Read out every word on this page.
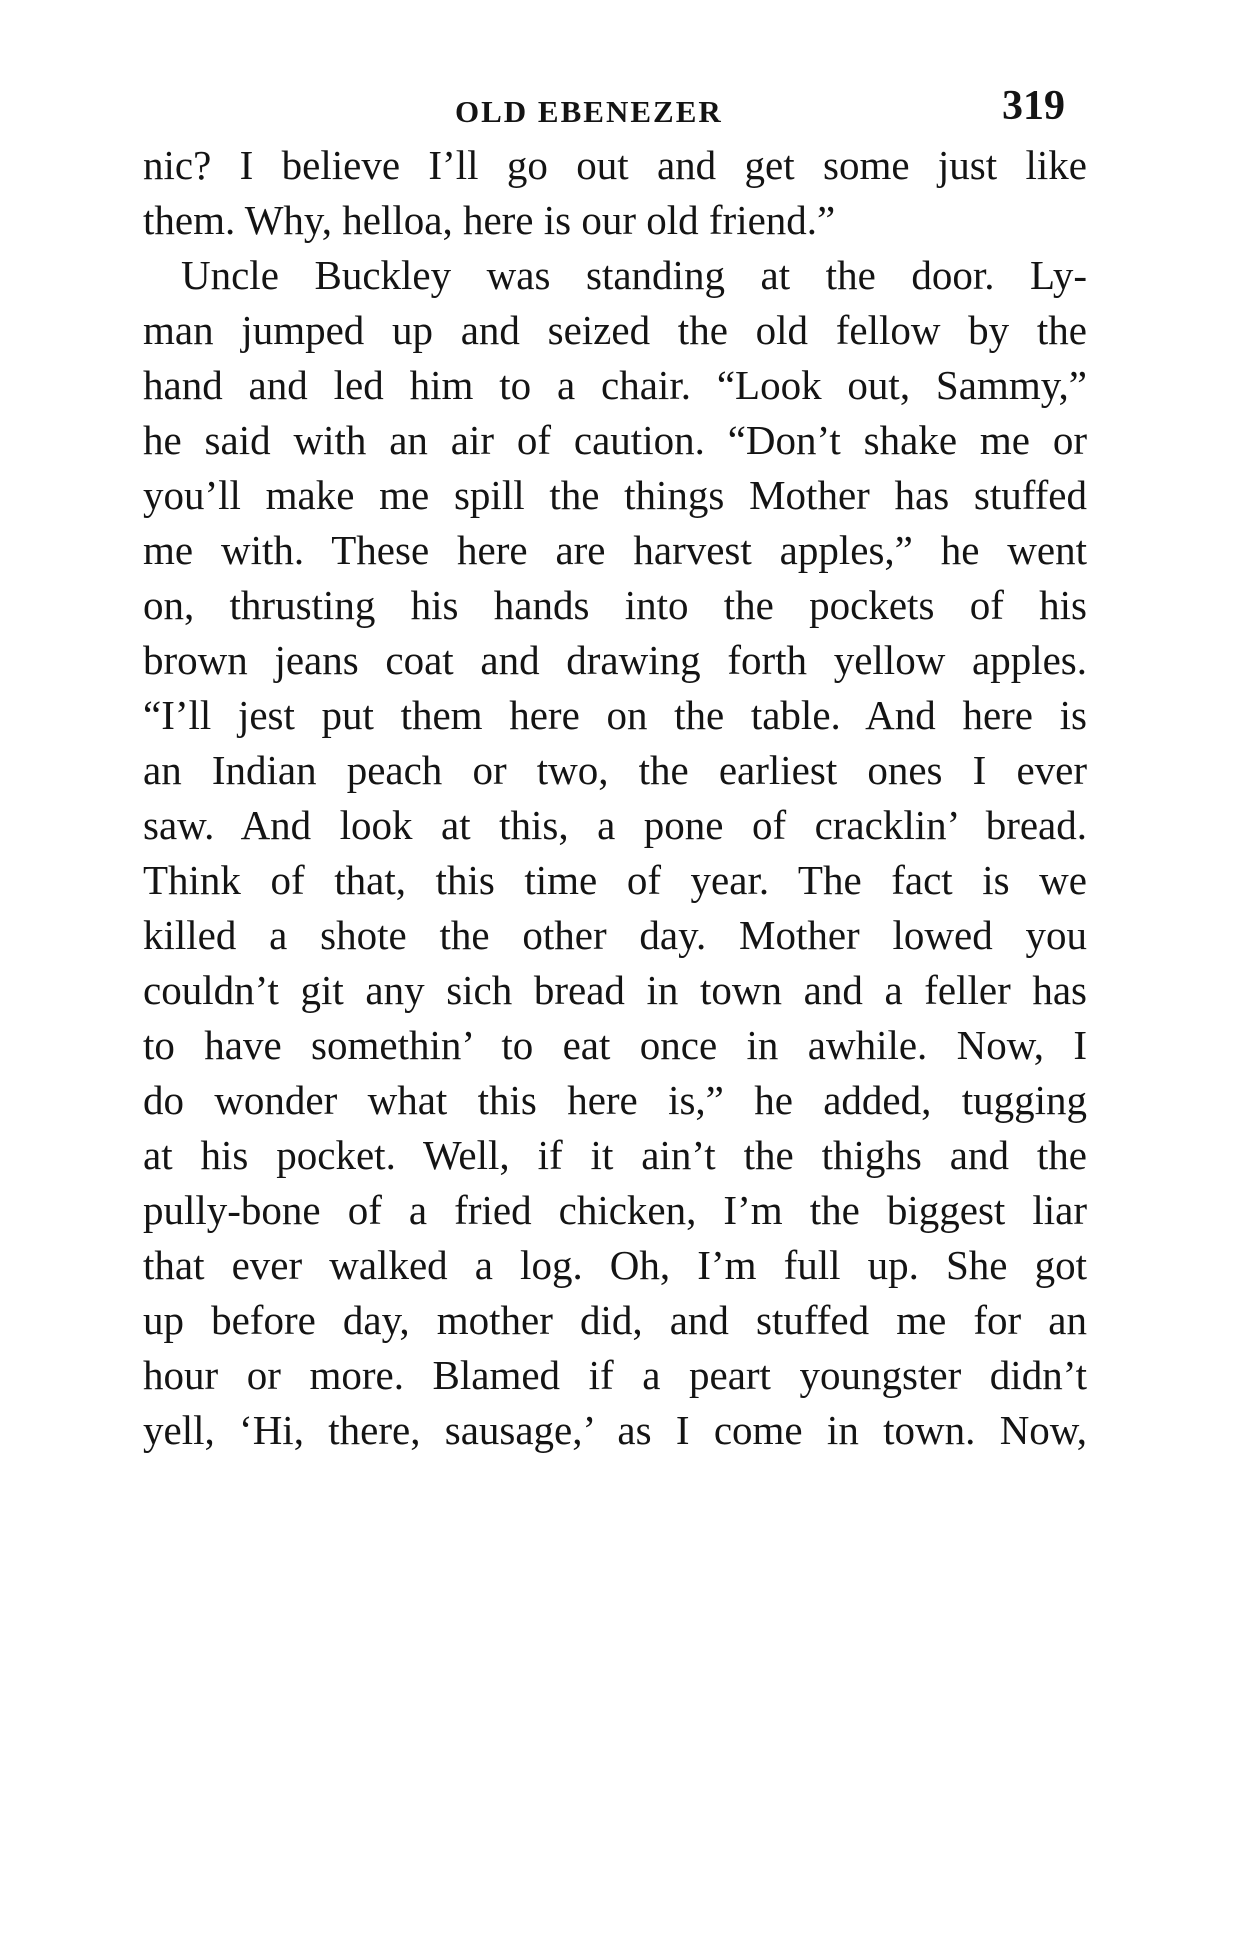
OLD EBENEZER	319
nic? I believe I’ll go out and get some just like
them. Why, helloa, here is our old friend.”
Uncle Buckley was standing at the door. Ly-
man jumped up and seized the old fellow by the
hand and led him to a chair. “Look out, Sammy,”
he said with an air of caution. “Don’t shake me or
you’ll make me spill the things Mother has stuffed
me with. These here are harvest apples,” he went
on, thrusting his hands into the pockets of his
brown jeans coat and drawing forth yellow apples.
“I’ll jest put them here on the table. And here is
an Indian peach or two, the earliest ones I ever
saw. And look at this, a pone of cracklin’ bread.
Think of that, this time of year. The fact is we
killed a shote the other day. Mother lowed you
couldn’t git any sich bread in town and a feller has
to have somethin’ to eat once in awhile. Now, I
do wonder what this here is,” he added, tugging
at his pocket. Well, if it ain’t the thighs and the
pully-bone of a fried chicken, I’m the biggest liar
that ever walked a log. Oh, I’m full up. She got
up before day, mother did, and stuffed me for an
hour or more. Blamed if a peart youngster didn’t
yell, ‘Hi, there, sausage,’ as I come in town. Now,
